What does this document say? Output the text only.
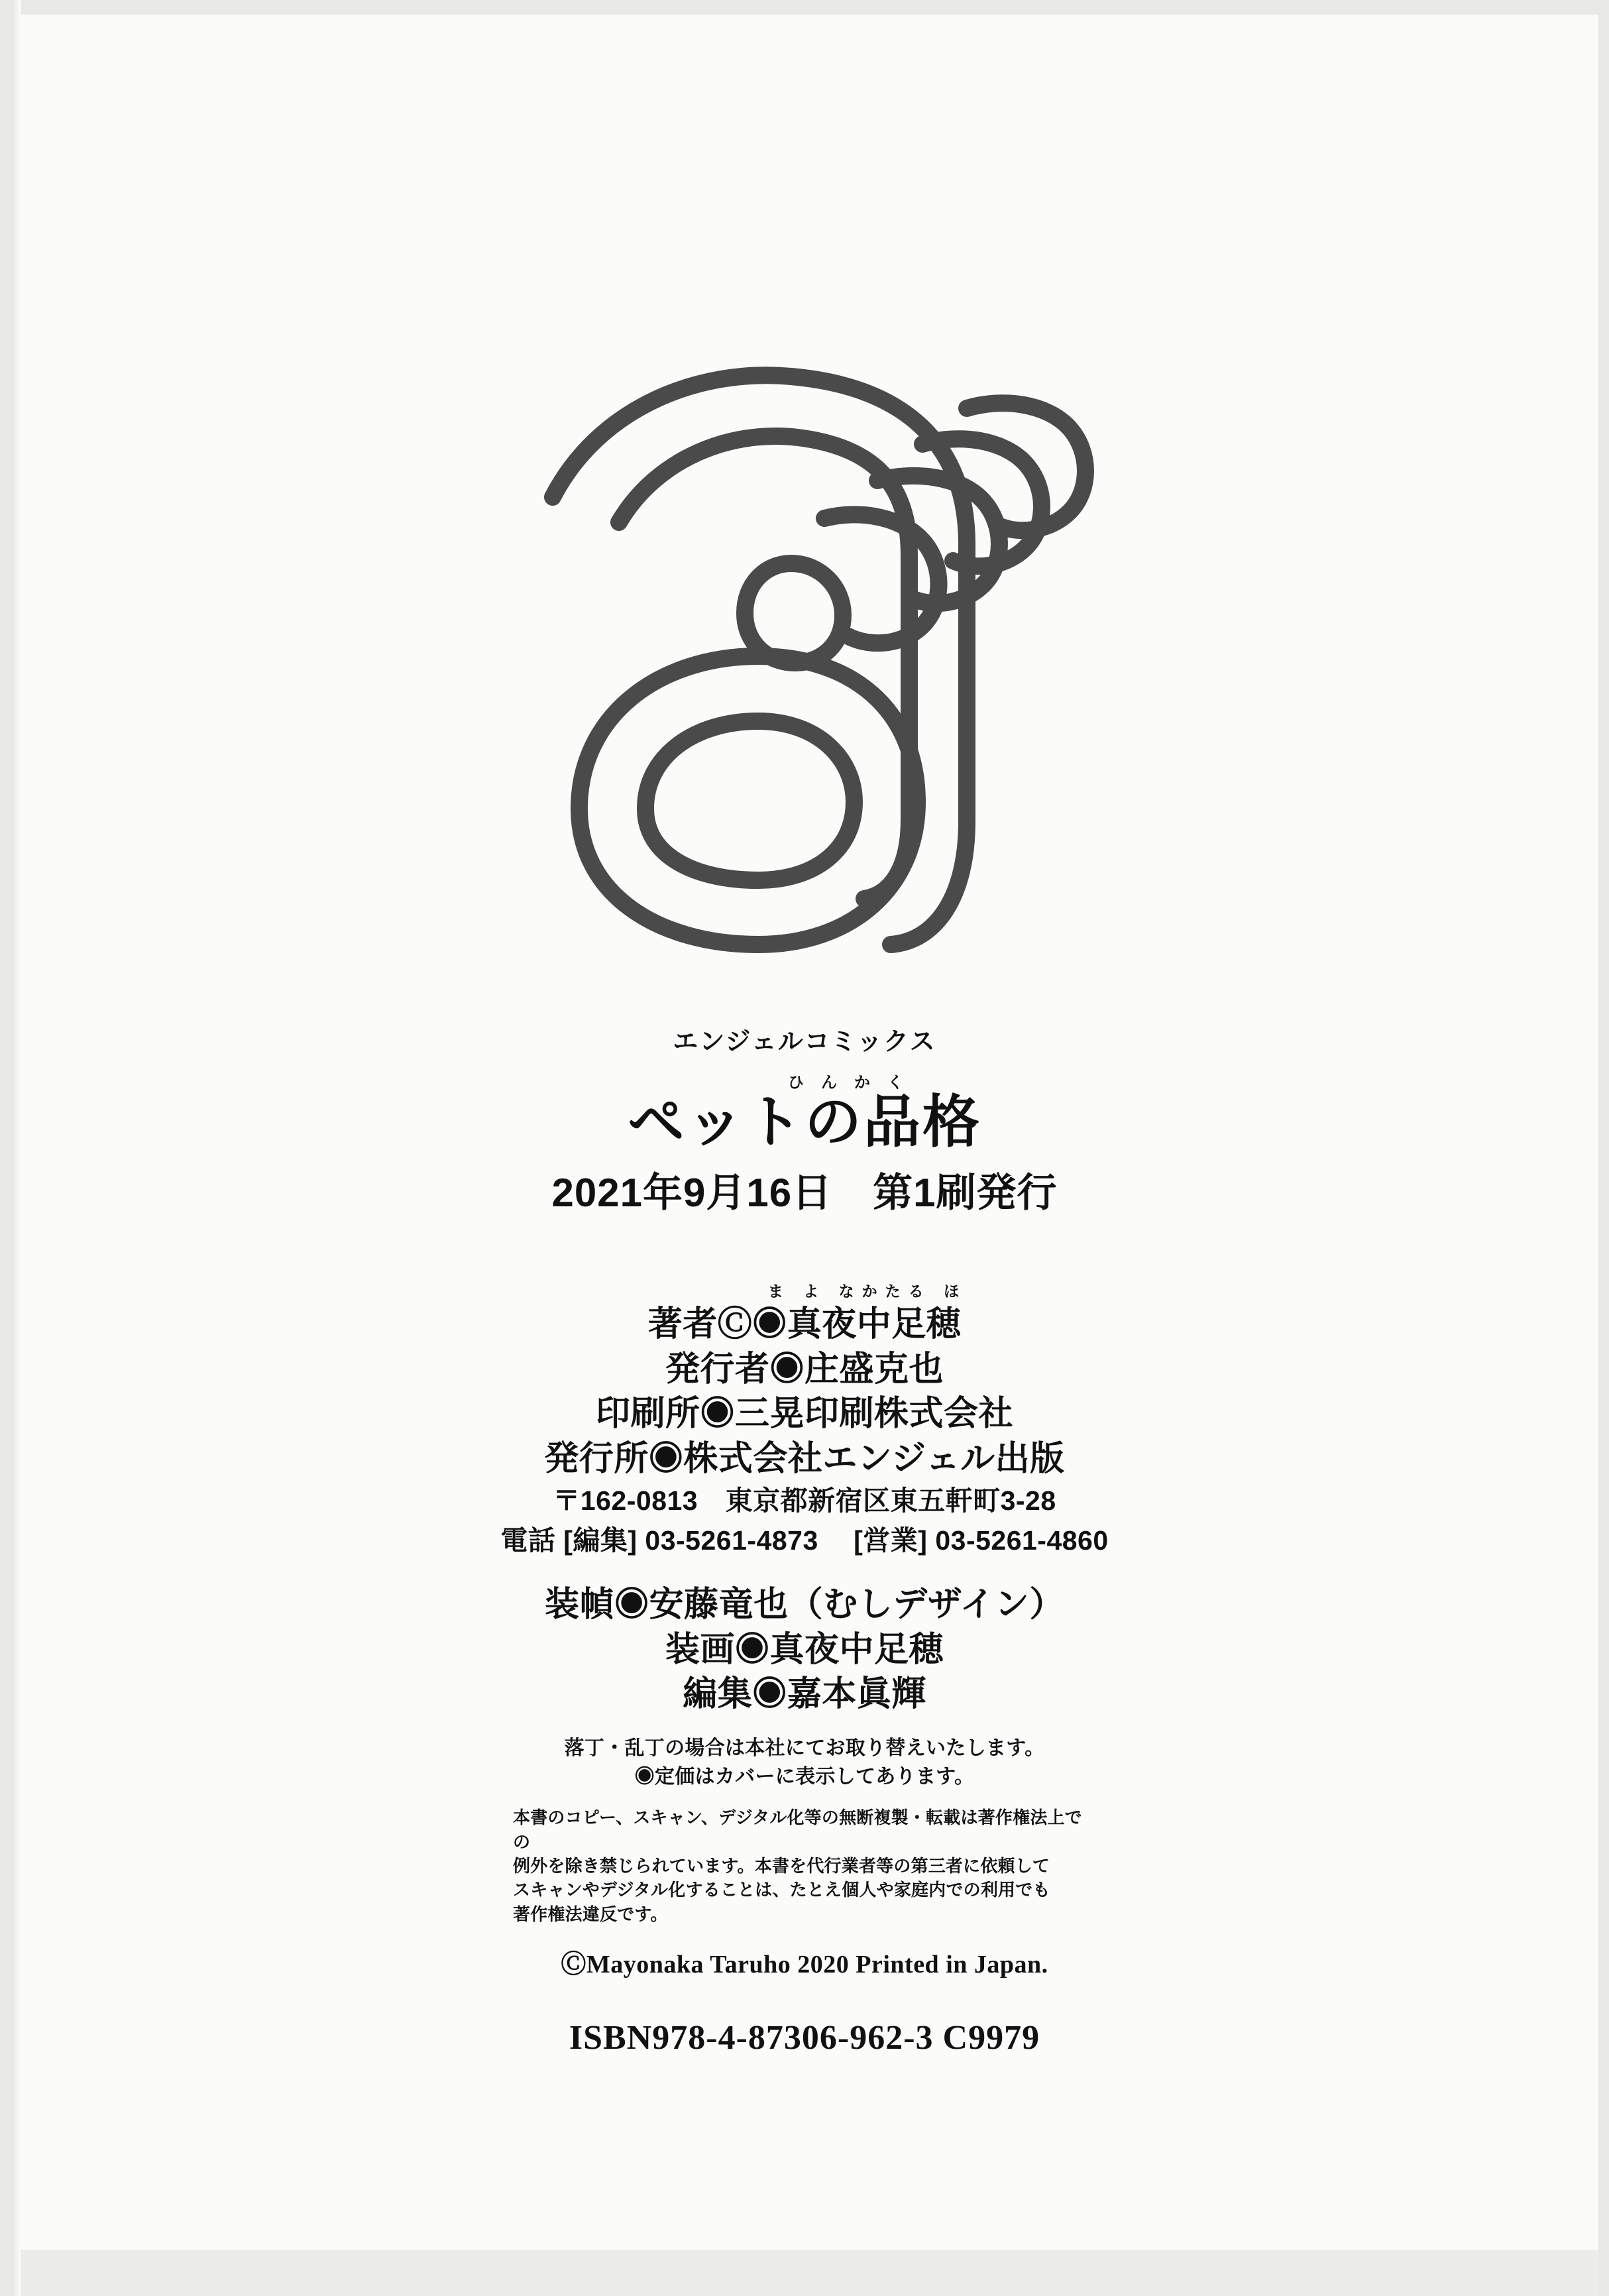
エンジェルコミックス
ひんかく
ペットの品格
2021年9月16日　第1刷発行
ま よ なかたる ほ
著者Ⓒ◉真夜中足穂
発行者◉庄盛克也
印刷所◉三晃印刷株式会社
発行所◉株式会社エンジェル出版
〒162-0813　東京都新宿区東五軒町3-28
電話 [編集] 03-5261-4873　 [営業] 03-5261-4860
装幀◉安藤竜也（むしデザイン）
装画◉真夜中足穂
編集◉嘉本眞輝
落丁・乱丁の場合は本社にてお取り替えいたします。
◉定価はカバーに表示してあります。
本書のコピー、スキャン、デジタル化等の無断複製・転載は著作権法上での
例外を除き禁じられています。本書を代行業者等の第三者に依頼して
スキャンやデジタル化することは、たとえ個人や家庭内での利用でも
著作権法違反です。
ⒸMayonaka Taruho 2020 Printed in Japan.
ISBN978-4-87306-962-3 C9979
